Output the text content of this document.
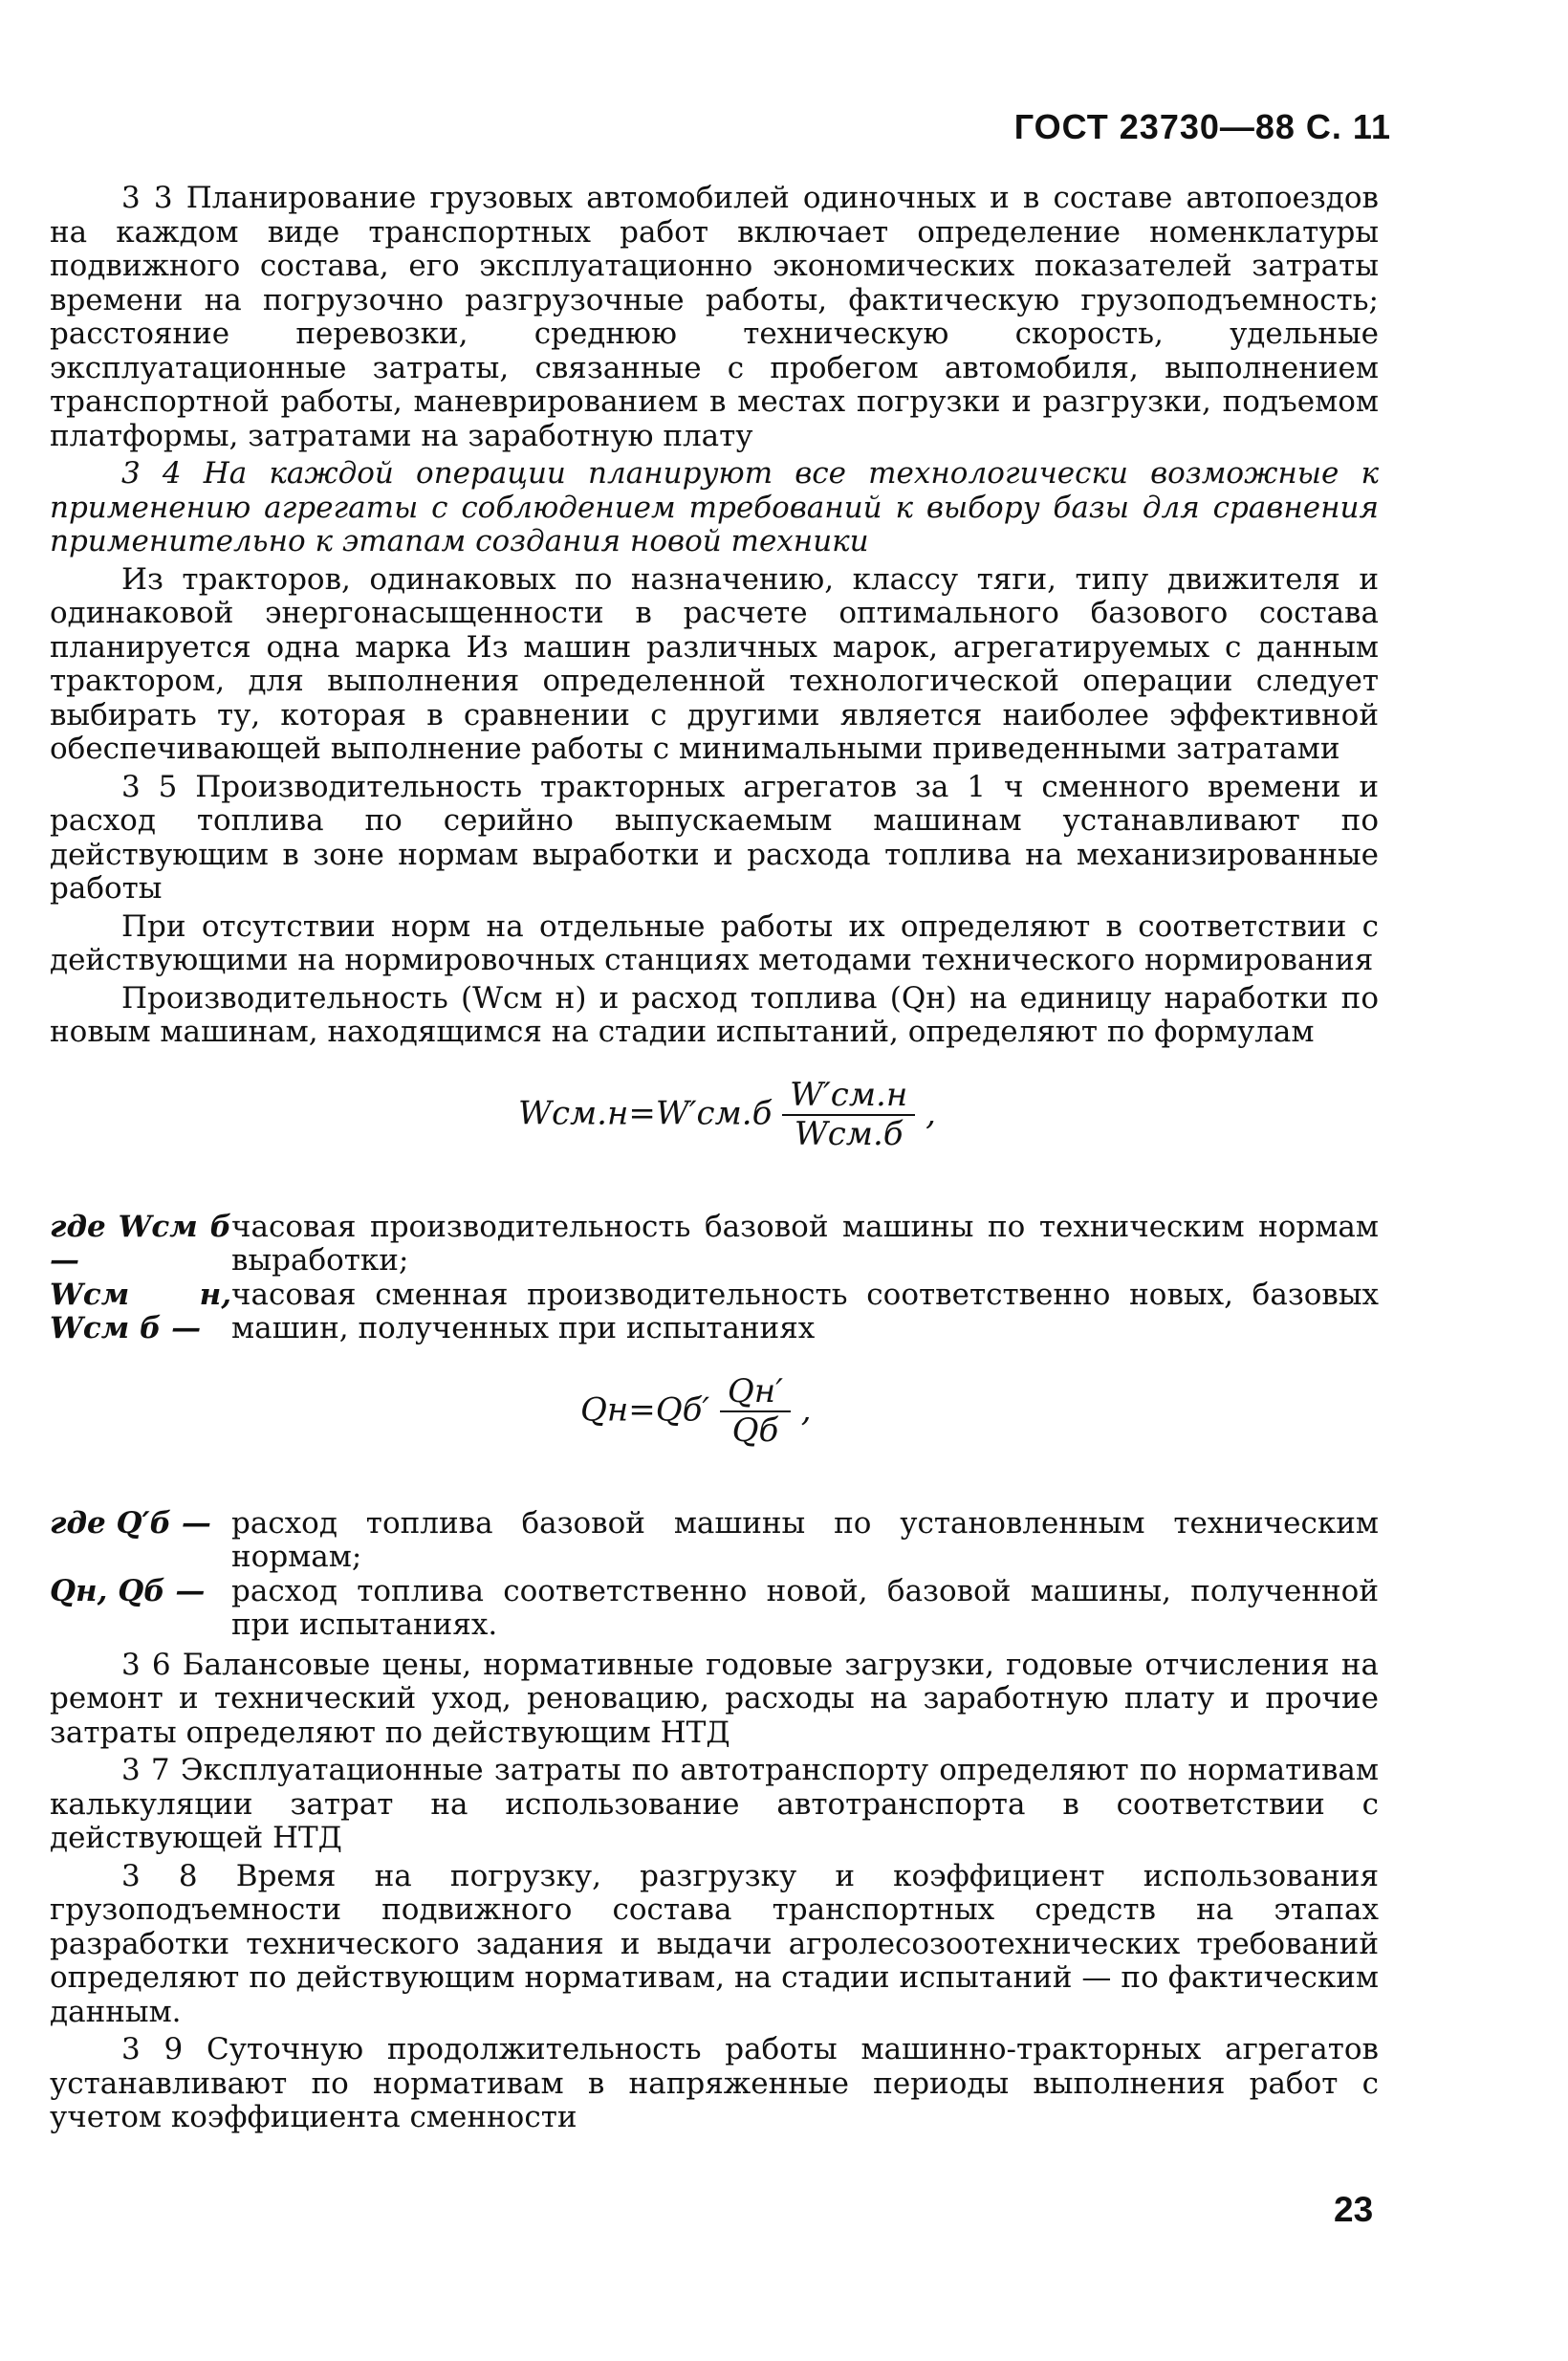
ГОСТ 23730—88 С. 11

3 3 Планирование грузовых автомобилей одиночных и в составе автопоездов на каждом виде транспортных работ включает определение номенклатуры подвижного состава, его эксплуатационно экономических показателей затраты времени на погрузочно разгрузочные работы, фактическую грузоподъемность; расстояние перевозки, среднюю техническую скорость, удельные эксплуатационные затраты, связанные с пробегом автомобиля, выполнением транспортной работы, маневрированием в местах погрузки и разгрузки, подъемом платформы, затратами на заработную плату

3 4 На каждой операции планируют все технологически возможные к применению агрегаты с соблюдением требований к выбору базы для сравнения применительно к этапам создания новой техники

Из тракторов, одинаковых по назначению, классу тяги, типу движителя и одинаковой энергонасыщенности в расчете оптимального базового состава планируется одна марка Из машин различных марок, агрегатируемых с данным трактором, для выполнения определенной технологической операции следует выбирать ту, которая в сравнении с другими является наиболее эффективной обеспечивающей выполнение работы с минимальными приведенными затратами

3 5 Производительность тракторных агрегатов за 1 ч сменного времени и расход топлива по серийно выпускаемым машинам устанавливают по действующим в зоне нормам выработки и расхода топлива на механизированные работы

При отсутствии норм на отдельные работы их определяют в соответствии с действующими на нормировочных станциях методами технического нормирования

Производительность (Wсм н) и расход топлива (Qн) на единицу наработки по новым машинам, находящимся на стадии испытаний, определяют по формулам

$Wсм.н=W'см.б \frac{W'см.н}{\text{Wсм.б}}$ ,
где Wсм б —
часовая производительность базовой машины по техническим нормам выработки;
Wсм н, Wсм б —
часовая сменная производительность соответственно новых, базовых машин, полученных при испытаниях
$Qн=Qб' \frac{Qн'}{Qб}$ ,
где Q′б — расход топлива базовой машины по установленным техническим нормам;
Qн, Qб — расход топлива соответственно новой, базовой машины, полученной при испытаниях.

3 6 Балансовые цены, нормативные годовые загрузки, годовые отчисления на ремонт и технический уход, реновацию, расходы на заработную плату и прочие затраты определяют по действующим НТД

3 7 Эксплуатационные затраты по автотранспорту определяют по нормативам калькуляции затрат на использование автотранспорта в соответствии с действующей НТД

3 8 Время на погрузку, разгрузку и коэффициент использования грузоподъемности подвижного состава транспортных средств на этапах разработки технического задания и выдачи агролесозоотехнических требований определяют по действующим нормативам, на стадии испытаний — по фактическим данным.

3 9 Суточную продолжительность работы машинно-тракторных агрегатов устанавливают по нормативам в напряженные периоды выполнения работ с учетом коэффициента сменности

23
